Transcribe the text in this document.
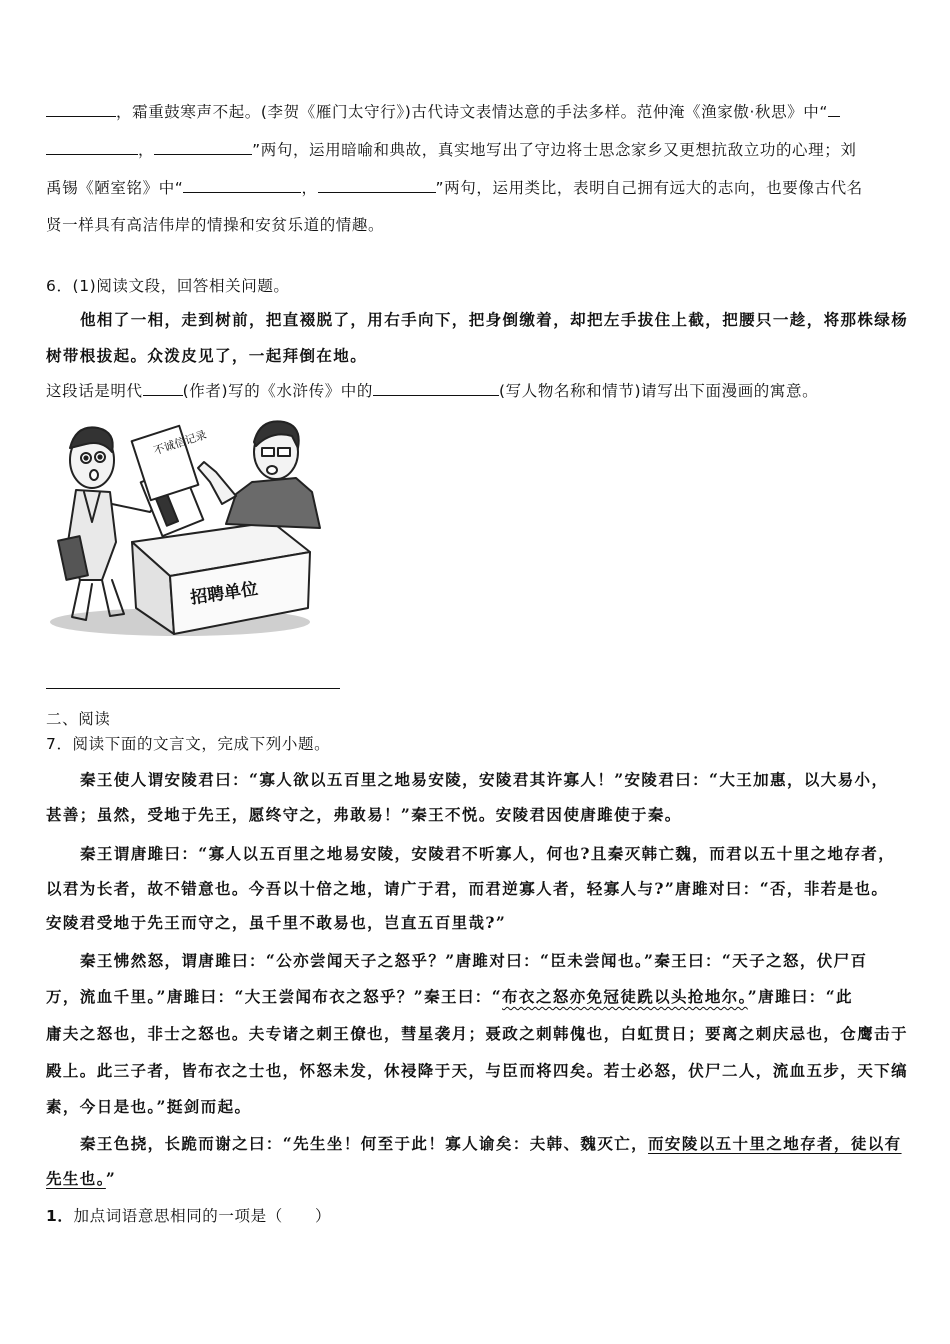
，霜重鼓寒声不起。(李贺《雁门太守行》)古代诗文表情达意的手法多样。范仲淹《渔家傲·秋思》中“
，	”两句，运用暗喻和典故，真实地写出了守边将士思念家乡又更想抗敌立功的心理；刘
禹锡《陋室铭》中“	，	”两句，运用类比，表明自己拥有远大的志向，也要像古代名
贤一样具有高洁伟岸的情操和安贫乐道的情趣。
6．(1)阅读文段，回答相关问题。
他相了一相，走到树前，把直裰脱了，用右手向下，把身倒缴着，却把左手拔住上截，把腰只一趁，将那株绿杨
树带根拔起。众泼皮见了，一起拜倒在地。
这段话是明代	(作者)写的《水浒传》中的	(写人物名称和情节)请写出下面漫画的寓意。
不诚信记录
招聘单位
二、阅读
7．阅读下面的文言文，完成下列小题。
秦王使人谓安陵君曰：“寡人欲以五百里之地易安陵，安陵君其许寡人！”安陵君曰：“大王加惠，以大易小，
甚善；虽然，受地于先王，愿终守之，弗敢易！”秦王不悦。安陵君因使唐雎使于秦。
秦王谓唐雎曰：“寡人以五百里之地易安陵，安陵君不听寡人，何也?且秦灭韩亡魏，而君以五十里之地存者，
以君为长者，故不错意也。今吾以十倍之地，请广于君，而君逆寡人者，轻寡人与?”唐雎对曰：“否，非若是也。
安陵君受地于先王而守之，虽千里不敢易也，岂直五百里哉?”
秦王怫然怒，谓唐雎曰：“公亦尝闻天子之怒乎？”唐雎对曰：“臣未尝闻也。”秦王曰：“天子之怒，伏尸百
万，流血千里。”唐雎曰：“大王尝闻布衣之怒乎？”秦王曰：“布衣之怒亦免冠徒跣以头抢地尔。”唐雎曰：“此
庸夫之怒也，非士之怒也。夫专诸之刺王僚也，彗星袭月；聂政之刺韩傀也，白虹贯日；要离之刺庆忌也，仓鹰击于
殿上。此三子者，皆布衣之士也，怀怒未发，休祲降于天，与臣而将四矣。若士必怒，伏尸二人，流血五步，天下缟
素，今日是也。”挺剑而起。
秦王色挠，长跪而谢之曰：“先生坐！何至于此！寡人谕矣：夫韩、魏灭亡，而安陵以五十里之地存者，徒以有
先生也。”
1．加点词语意思相同的一项是（　　）
